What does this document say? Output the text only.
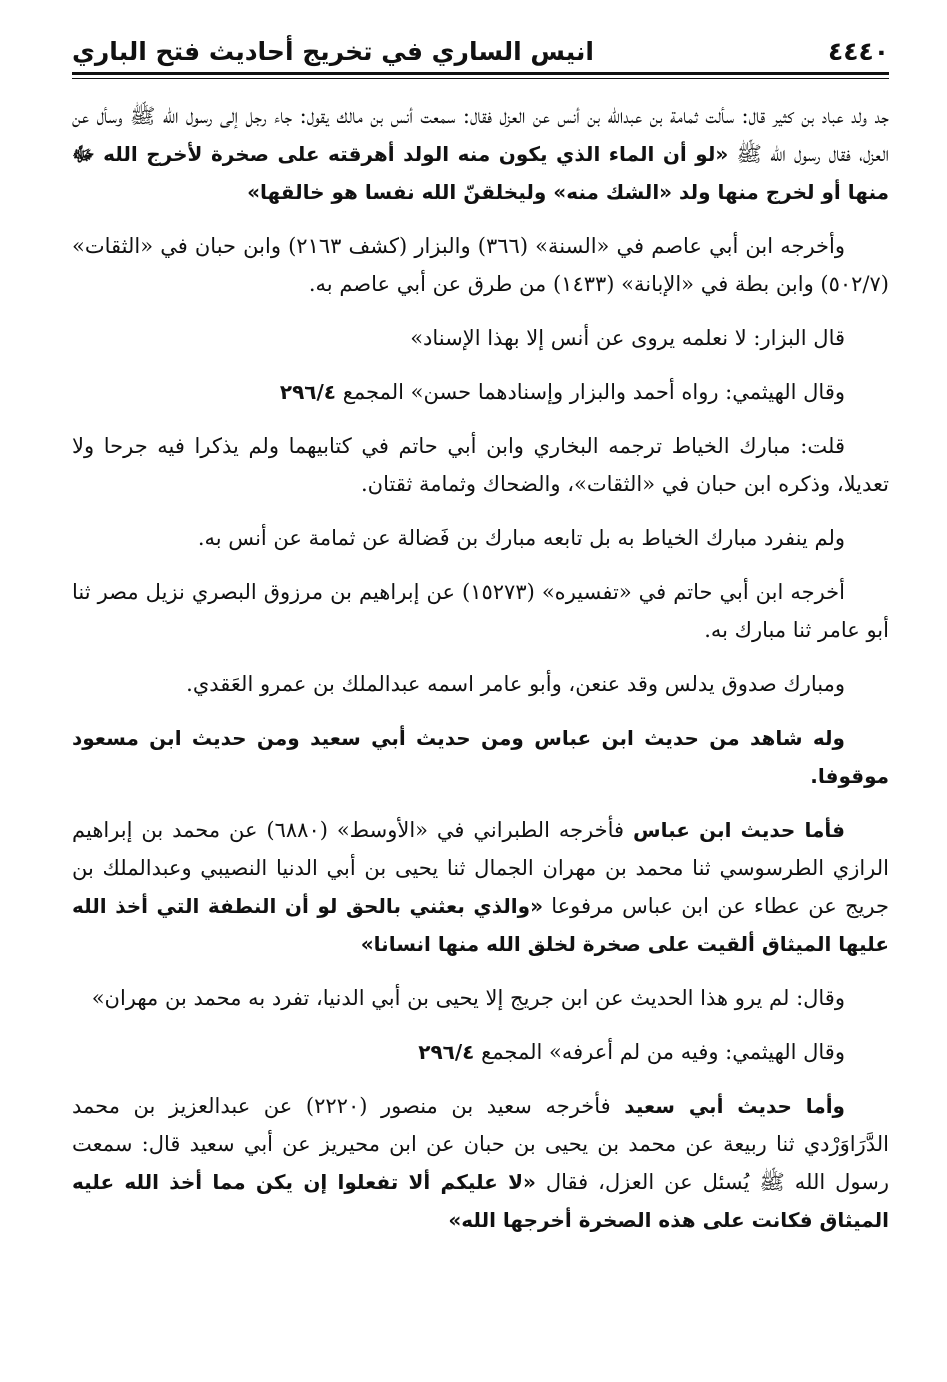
٤٤٤٠
انيس الساري في تخريج أحاديث فتح الباري

جد ولد عباد بن كثير قال: سألت ثمامة بن عبدالله بن أنس عن العزل فقال: سمعت أنس بن مالك يقول: جاء رجل إلى رسول الله ﷺ وسأل عن العزل، فقال رسول الله ﷺ «لو أن الماء الذي يكون منه الولد أهرقته على صخرة لأخرج الله ﷻ منها أو لخرج منها ولد «الشك منه» وليخلقنّ الله نفسا هو خالقها»

وأخرجه ابن أبي عاصم في «السنة» (٣٦٦) والبزار (كشف ٢١٦٣) وابن حبان في «الثقات» (٥٠٢/٧) وابن بطة في «الإبانة» (١٤٣٣) من طرق عن أبي عاصم به.

قال البزار: لا نعلمه يروى عن أنس إلا بهذا الإسناد»

وقال الهيثمي: رواه أحمد والبزار وإسنادهما حسن» المجمع ٢٩٦/٤

قلت: مبارك الخياط ترجمه البخاري وابن أبي حاتم في كتابيهما ولم يذكرا فيه جرحا ولا تعديلا، وذكره ابن حبان في «الثقات»، والضحاك وثمامة ثقتان.

ولم ينفرد مبارك الخياط به بل تابعه مبارك بن فَضالة عن ثمامة عن أنس به.

أخرجه ابن أبي حاتم في «تفسيره» (١٥٢٧٣) عن إبراهيم بن مرزوق البصري نزيل مصر ثنا أبو عامر ثنا مبارك به.

ومبارك صدوق يدلس وقد عنعن، وأبو عامر اسمه عبدالملك بن عمرو العَقدي.

وله شاهد من حديث ابن عباس ومن حديث أبي سعيد ومن حديث ابن مسعود موقوفا.

فأما حديث ابن عباس فأخرجه الطبراني في «الأوسط» (٦٨٨٠) عن محمد بن إبراهيم الرازي الطرسوسي ثنا محمد بن مهران الجمال ثنا يحيى بن أبي الدنيا النصيبي وعبدالملك بن جريج عن عطاء عن ابن عباس مرفوعا «والذي بعثني بالحق لو أن النطفة التي أخذ الله عليها الميثاق ألقيت على صخرة لخلق الله منها انسانا»

وقال: لم يرو هذا الحديث عن ابن جريج إلا يحيى بن أبي الدنيا، تفرد به محمد بن مهران»

وقال الهيثمي: وفيه من لم أعرفه» المجمع ٢٩٦/٤

وأما حديث أبي سعيد فأخرجه سعيد بن منصور (٢٢٢٠) عن عبدالعزيز بن محمد الدَّرَاوَرْدي ثنا ربيعة عن محمد بن يحيى بن حبان عن ابن محيريز عن أبي سعيد قال: سمعت رسول الله ﷺ يُسئل عن العزل، فقال «لا عليكم ألا تفعلوا إن يكن مما أخذ الله عليه الميثاق فكانت على هذه الصخرة أخرجها الله»
